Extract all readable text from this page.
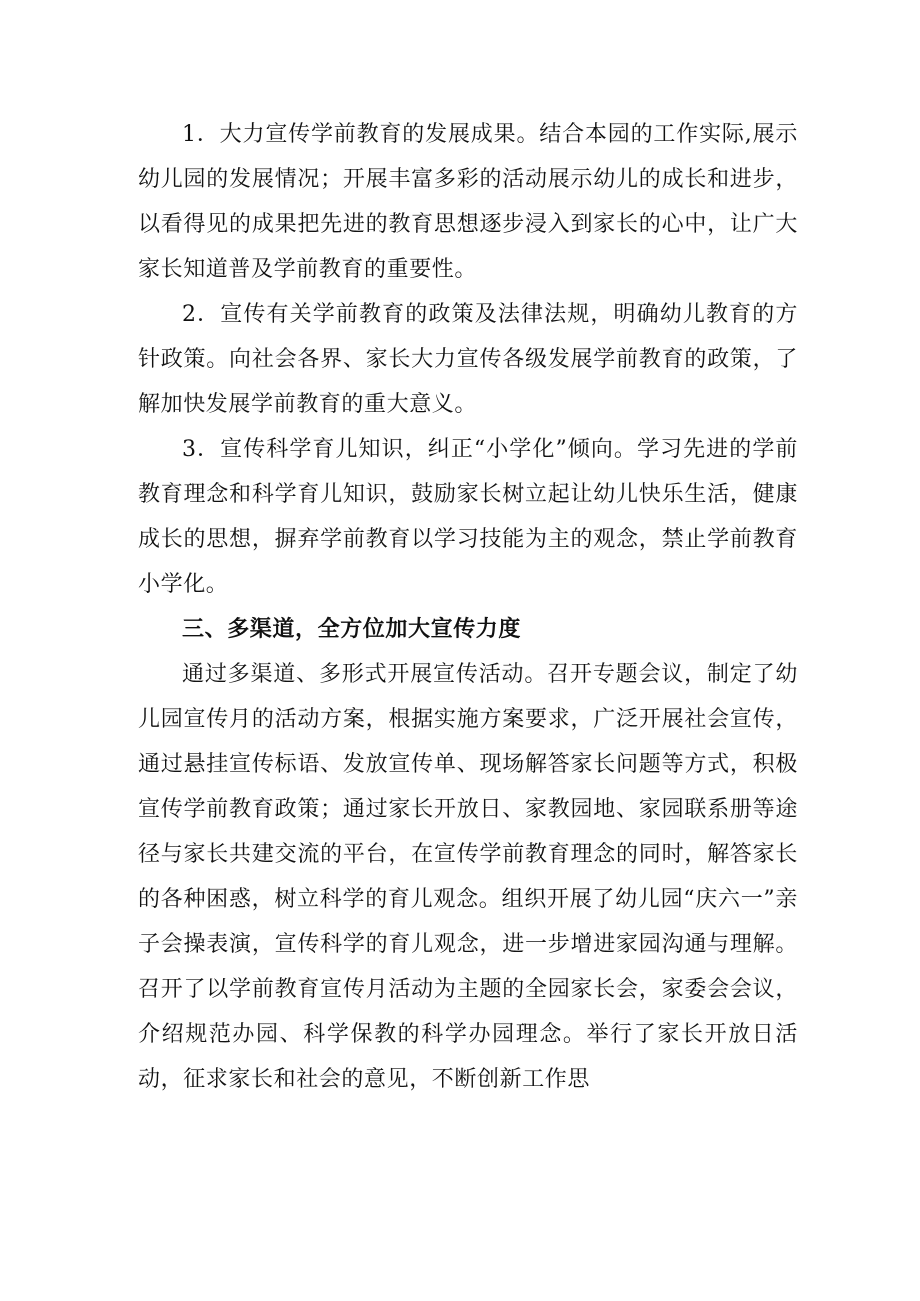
1．大力宣传学前教育的发展成果。结合本园的工作实际,展示幼儿园的发展情况；开展丰富多彩的活动展示幼儿的成长和进步，以看得见的成果把先进的教育思想逐步浸入到家长的心中，让广大家长知道普及学前教育的重要性。

2．宣传有关学前教育的政策及法律法规，明确幼儿教育的方针政策。向社会各界、家长大力宣传各级发展学前教育的政策，了解加快发展学前教育的重大意义。

3．宣传科学育儿知识，纠正“小学化”倾向。学习先进的学前教育理念和科学育儿知识，鼓励家长树立起让幼儿快乐生活，健康成长的思想，摒弃学前教育以学习技能为主的观念，禁止学前教育小学化。

三、多渠道，全方位加大宣传力度

通过多渠道、多形式开展宣传活动。召开专题会议，制定了幼儿园宣传月的活动方案，根据实施方案要求，广泛开展社会宣传，通过悬挂宣传标语、发放宣传单、现场解答家长问题等方式，积极宣传学前教育政策；通过家长开放日、家教园地、家园联系册等途径与家长共建交流的平台，在宣传学前教育理念的同时，解答家长的各种困惑，树立科学的育儿观念。组织开展了幼儿园“庆六一”亲子会操表演，宣传科学的育儿观念，进一步增进家园沟通与理解。召开了以学前教育宣传月活动为主题的全园家长会，家委会会议，介绍规范办园、科学保教的科学办园理念。举行了家长开放日活动，征求家长和社会的意见，不断创新工作思
